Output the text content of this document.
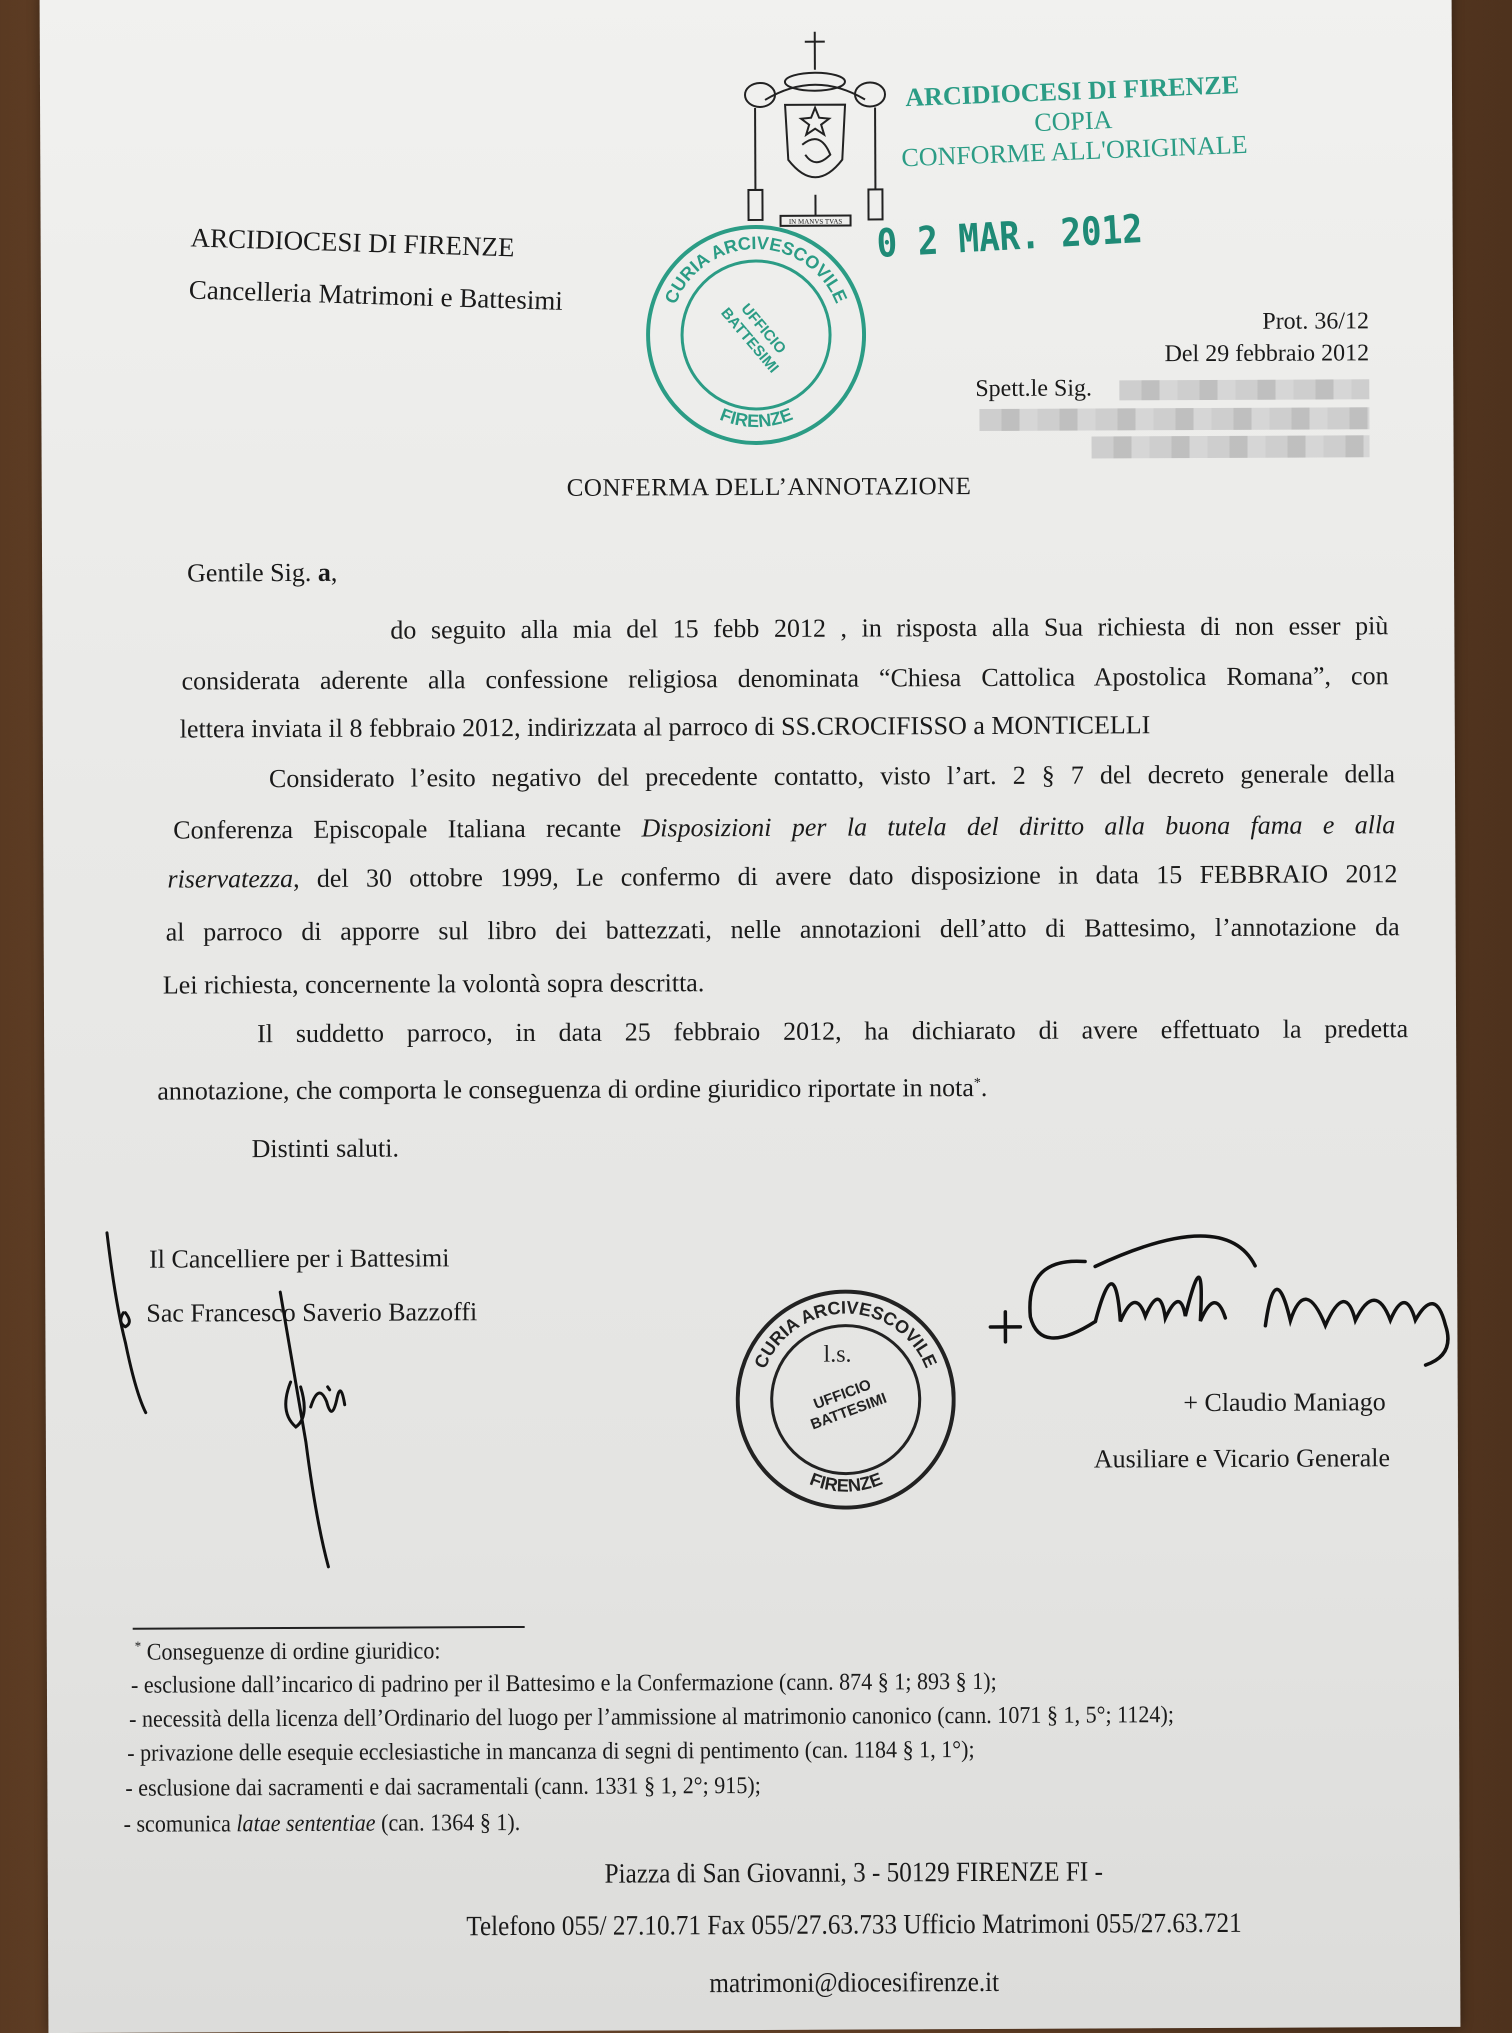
IN MANVS TVAS
ARCIDIOCESI DI FIRENZE
COPIA
CONFORME ALL'ORIGINALE
ARCIDIOCESI DI FIRENZE
Cancelleria Matrimoni e Battesimi	CURIA ARCIVESCOVILE
FIRENZE
UFFICIO BATTESIMI
0 2 MAR. 2012
Prot. 36/12
Del 29 febbraio 2012
Spett.le Sig.
CONFERMA DELL’ANNOTAZIONE
Gentile Sig. a,
do seguito alla mia del 15 febb 2012 , in risposta alla Sua richiesta di non esser più
considerata aderente alla confessione religiosa denominata “Chiesa Cattolica Apostolica Romana”, con
lettera inviata il 8 febbraio 2012, indirizzata al parroco di SS.CROCIFISSO a MONTICELLI
Considerato l’esito negativo del precedente contatto, visto l’art. 2 § 7 del decreto generale della
Conferenza Episcopale Italiana recante Disposizioni per la tutela del diritto alla buona fama e alla
riservatezza, del 30 ottobre 1999, Le confermo di avere dato disposizione in data 15 FEBBRAIO 2012
al parroco di apporre sul libro dei battezzati, nelle annotazioni dell’atto di Battesimo, l’annotazione da
Lei richiesta, concernente la volontà sopra descritta.
Il suddetto parroco, in data 25 febbraio 2012, ha dichiarato di avere effettuato la predetta
annotazione, che comporta le conseguenza di ordine giuridico riportate in nota*.
Distinti saluti.
Il Cancelliere per i Battesimi
Sac Francesco Saverio Bazzoffi
CURIA ARCIVESCOVILE
FIRENZE
l.s.
UFFICIO BATTESIMI	+ Claudio Maniago
Ausiliare e Vicario Generale
* Conseguenze di ordine giuridico:
- esclusione dall’incarico di padrino per il Battesimo e la Confermazione (cann. 874 § 1; 893 § 1);
- necessità della licenza dell’Ordinario del luogo per l’ammissione al matrimonio canonico (cann. 1071 § 1, 5°; 1124);
- privazione delle esequie ecclesiastiche in mancanza di segni di pentimento (can. 1184 § 1, 1°);
- esclusione dai sacramenti e dai sacramentali (cann. 1331 § 1, 2°; 915);
- scomunica latae sententiae (can. 1364 § 1).
Piazza di San Giovanni, 3 - 50129 FIRENZE FI -
Telefono 055/ 27.10.71 Fax 055/27.63.733 Ufficio Matrimoni 055/27.63.721
matrimoni@diocesifirenze.it
